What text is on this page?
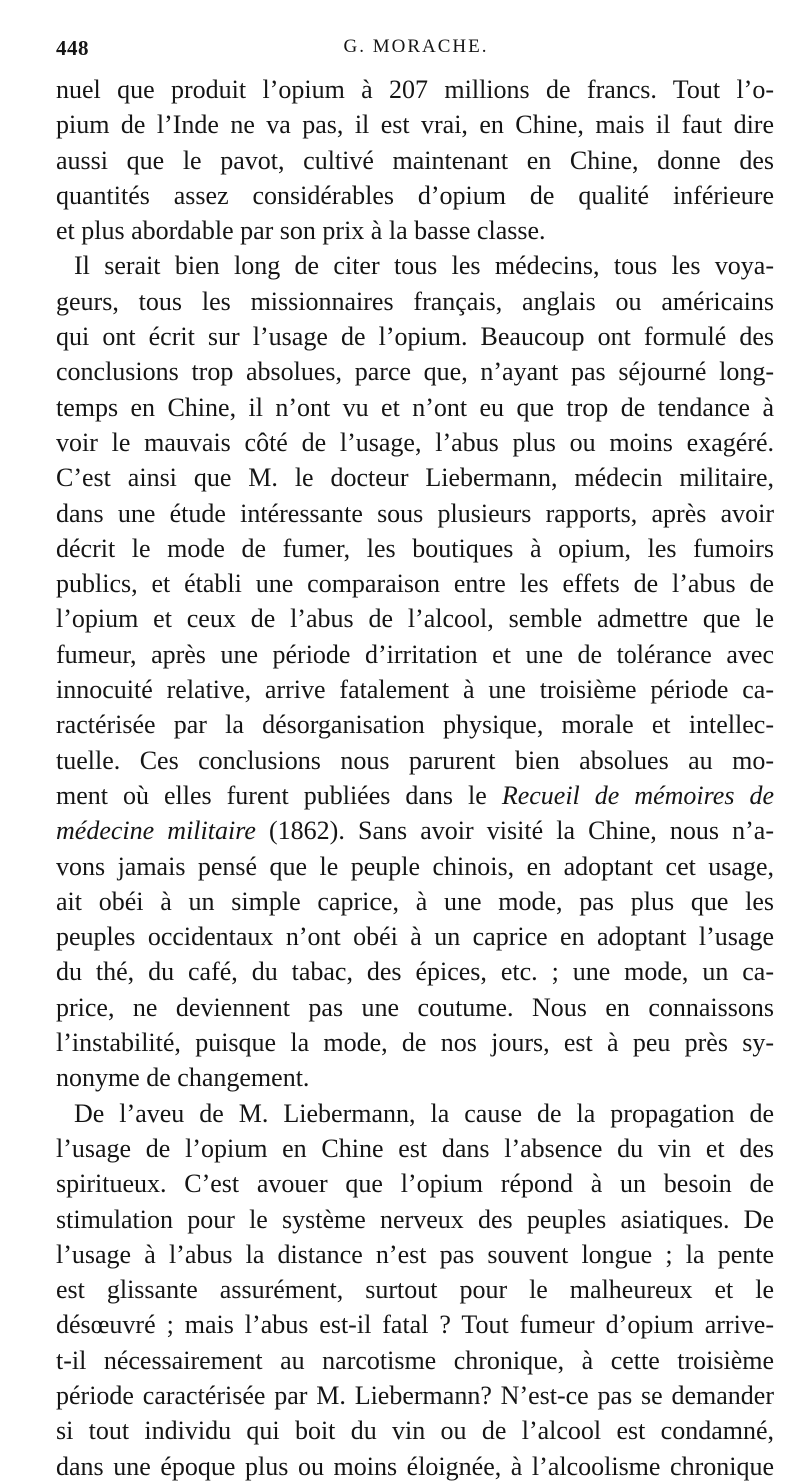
448	G. MORACHE.
nuel que produit l’opium à 207 millions de francs. Tout l’o-
pium de l’Inde ne va pas, il est vrai, en Chine, mais il faut dire
aussi que le pavot, cultivé maintenant en Chine, donne des
quantités assez considérables d’opium de qualité inférieure
et plus abordable par son prix à la basse classe.
Il serait bien long de citer tous les médecins, tous les voya-
geurs, tous les missionnaires français, anglais ou américains
qui ont écrit sur l’usage de l’opium. Beaucoup ont formulé des
conclusions trop absolues, parce que, n’ayant pas séjourné long-
temps en Chine, il n’ont vu et n’ont eu que trop de tendance à
voir le mauvais côté de l’usage, l’abus plus ou moins exagéré.
C’est ainsi que M. le docteur Liebermann, médecin militaire,
dans une étude intéressante sous plusieurs rapports, après avoir
décrit le mode de fumer, les boutiques à opium, les fumoirs
publics, et établi une comparaison entre les effets de l’abus de
l’opium et ceux de l’abus de l’alcool, semble admettre que le
fumeur, après une période d’irritation et une de tolérance avec
innocuité relative, arrive fatalement à une troisième période ca-
ractérisée par la désorganisation physique, morale et intellec-
tuelle. Ces conclusions nous parurent bien absolues au mo-
ment où elles furent publiées dans le Recueil de mémoires de
médecine militaire (1862). Sans avoir visité la Chine, nous n’a-
vons jamais pensé que le peuple chinois, en adoptant cet usage,
ait obéi à un simple caprice, à une mode, pas plus que les
peuples occidentaux n’ont obéi à un caprice en adoptant l’usage
du thé, du café, du tabac, des épices, etc. ; une mode, un ca-
price, ne deviennent pas une coutume. Nous en connaissons
l’instabilité, puisque la mode, de nos jours, est à peu près sy-
nonyme de changement.
De l’aveu de M. Liebermann, la cause de la propagation de
l’usage de l’opium en Chine est dans l’absence du vin et des
spiritueux. C’est avouer que l’opium répond à un besoin de
stimulation pour le système nerveux des peuples asiatiques. De
l’usage à l’abus la distance n’est pas souvent longue ; la pente
est glissante assurément, surtout pour le malheureux et le
désœuvré ; mais l’abus est-il fatal ? Tout fumeur d’opium arrive-
t-il nécessairement au narcotisme chronique, à cette troisième
période caractérisée par M. Liebermann? N’est-ce pas se demander
si tout individu qui boit du vin ou de l’alcool est condamné,
dans une époque plus ou moins éloignée, à l’alcoolisme chronique
